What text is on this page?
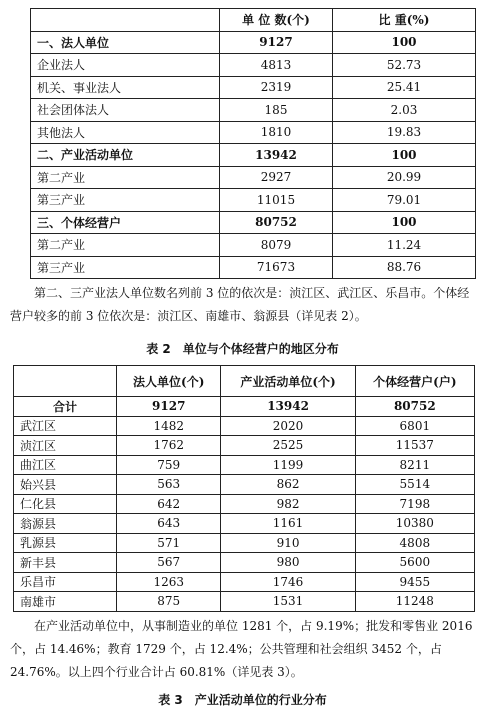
	单 位 数(个)	比 重(%)
一、法人单位	9127	100
企业法人	4813	52.73
机关、事业法人	2319	25.41
社会团体法人	185	2.03
其他法人	1810	19.83
二、产业活动单位	13942	100
第二产业	2927	20.99
第三产业	11015	79.01
三、个体经营户	80752	100
第二产业	8079	11.24
第三产业	71673	88.76

第二、三产业法人单位数名列前 3 位的依次是：浈江区、武江区、乐昌市。个体经营户较多的前 3 位依次是：浈江区、南雄市、翁源县（详见表 2）。

表 2　单位与个体经营户的地区分布
	法人单位(个)	产业活动单位(个)	个体经营户(户)
合计	9127	13942	80752
武江区	1482	2020	6801
浈江区	1762	2525	11537
曲江区	759	1199	8211
始兴县	563	862	5514
仁化县	642	982	7198
翁源县	643	1161	10380
乳源县	571	910	4808
新丰县	567	980	5600
乐昌市	1263	1746	9455
南雄市	875	1531	11248

在产业活动单位中，从事制造业的单位 1281 个，占 9.19%；批发和零售业 2016 个，占 14.46%；教育 1729 个，占 12.4%；公共管理和社会组织 3452 个，占 24.76%。以上四个行业合计占 60.81%（详见表 3）。

表 3　产业活动单位的行业分布
